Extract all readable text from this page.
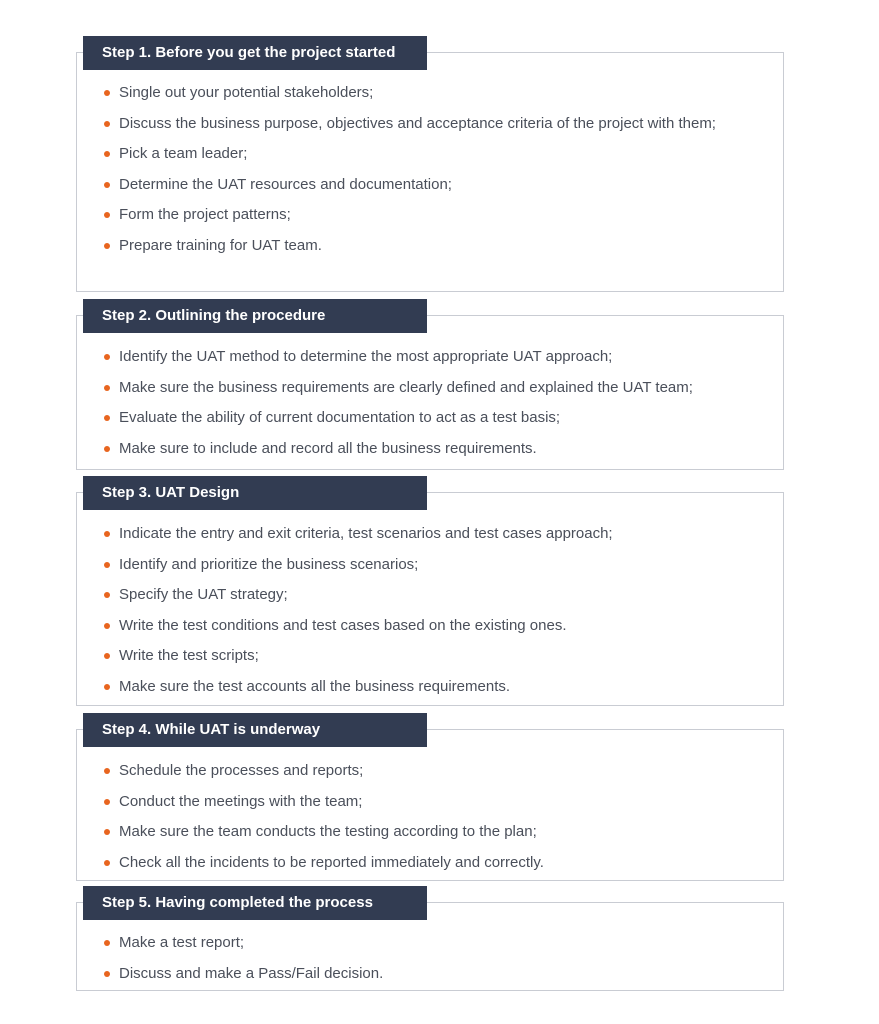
Step 1. Before you get the project started
Single out your potential stakeholders;
Discuss the business purpose, objectives and acceptance criteria of the project with them;
Pick a team leader;
Determine the UAT resources and documentation;
Form the project patterns;
Prepare training for UAT team.
Step 2. Outlining the procedure
Identify the UAT method to determine the most appropriate UAT approach;
Make sure the business requirements are clearly defined and explained the UAT team;
Evaluate the ability of current documentation to act as a test basis;
Make sure to include and record all the business requirements.
Step 3. UAT Design
Indicate the entry and exit criteria, test scenarios and test cases approach;
Identify and prioritize the business scenarios;
Specify the UAT strategy;
Write the test conditions and test cases based on the existing ones.
Write the test scripts;
Make sure the test accounts all the business requirements.
Step 4. While UAT is underway
Schedule the processes and reports;
Conduct the meetings with the team;
Make sure the team conducts the testing according to the plan;
Check all the incidents to be reported immediately and correctly.
Step 5. Having completed the process
Make a test report;
Discuss and make a Pass/Fail decision.
